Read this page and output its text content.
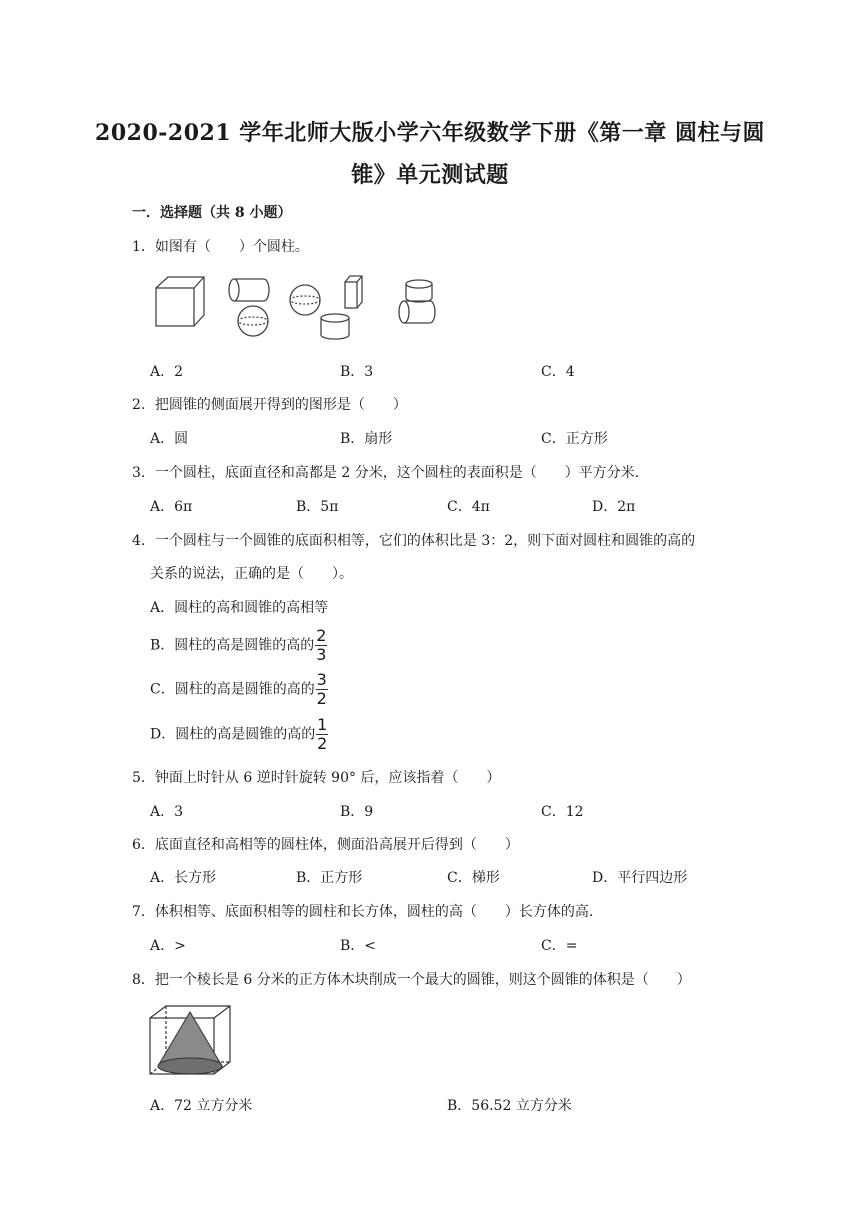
2020-2021 学年北师大版小学六年级数学下册《第一章 圆柱与圆
锥》单元测试题
一．选择题（共 8 小题）
1．如图有（　　）个圆柱。
A．2	B．3	C．4
2．把圆锥的侧面展开得到的图形是（　　）
A．圆	B．扇形	C．正方形
3．一个圆柱，底面直径和高都是 2 分米，这个圆柱的表面积是（　　）平方分米.
A．6π	B．5π	C．4π	D．2π
4．一个圆柱与一个圆锥的底面积相等，它们的体积比是 3：2，则下面对圆柱和圆锥的高的
关系的说法，正确的是（　　）。
A．圆柱的高和圆锥的高相等
B．圆柱的高是圆锥的高的 $\frac{2}{3}$
C．圆柱的高是圆锥的高的 $\frac{3}{2}$
D．圆柱的高是圆锥的高的 $\frac{1}{2}$
5．钟面上时针从 6 逆时针旋转 90° 后，应该指着（　　）
A．3	B．9	C．12
6．底面直径和高相等的圆柱体，侧面沿高展开后得到（　　）
A．长方形	B．正方形	C．梯形	D．平行四边形
7．体积相等、底面积相等的圆柱和长方体，圆柱的高（　　）长方体的高.
A．>	B．<	C．=
8．把一个棱长是 6 分米的正方体木块削成一个最大的圆锥，则这个圆锥的体积是（　　）
A．72 立方分米	B．56.52 立方分米
